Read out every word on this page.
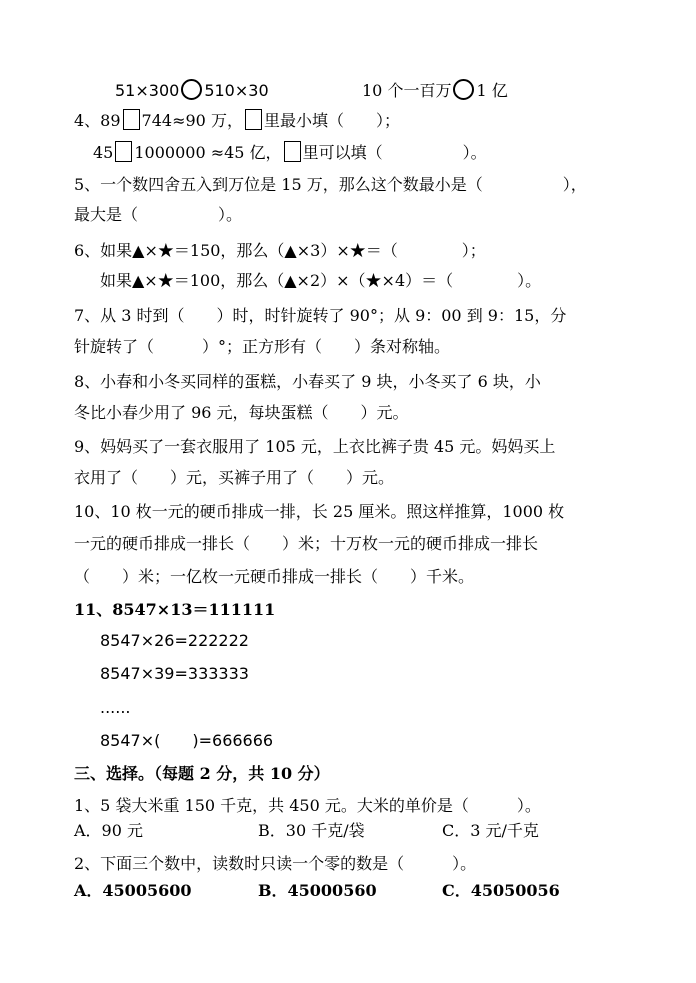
51×300 510×30	10 个一百万 1 亿
4、89 744≈90 万， 里最小填（　　）；
45 1000000 ≈45 亿， 里可以填（　　　　　）。
5、一个数四舍五入到万位是 15 万，那么这个数最小是（　　　　　），
最大是（　　　　　）。
6、如果▲×★＝150，那么（▲×3）×★＝（　　　　）；
如果▲×★＝100，那么（▲×2）×（★×4）＝（　　　　）。
7、从 3 时到（　　）时，时针旋转了 90°；从 9：00 到 9：15，分
针旋转了（　　　）°；正方形有（　　）条对称轴。
8、小春和小冬买同样的蛋糕，小春买了 9 块，小冬买了 6 块，小
冬比小春少用了 96 元，每块蛋糕（　　）元。
9、妈妈买了一套衣服用了 105 元，上衣比裤子贵 45 元。妈妈买上
衣用了（　　）元，买裤子用了（　　）元。
10、10 枚一元的硬币排成一排，长 25 厘米。照这样推算，1000 枚
一元的硬币排成一排长（　　）米；十万枚一元的硬币排成一排长
（　　）米；一亿枚一元硬币排成一排长（　　）千米。
11、8547×13＝111111
8547×26=222222
8547×39=333333
......
8547×(　　)=666666
三、选择。（每题 2 分，共 10 分）
1、5 袋大米重 150 千克，共 450 元。大米的单价是（　　　）。
A．90 元	B．30 千克/袋	C．3 元/千克
2、下面三个数中，读数时只读一个零的数是（　　　）。
A．45005600	B．45000560	C．45050056
